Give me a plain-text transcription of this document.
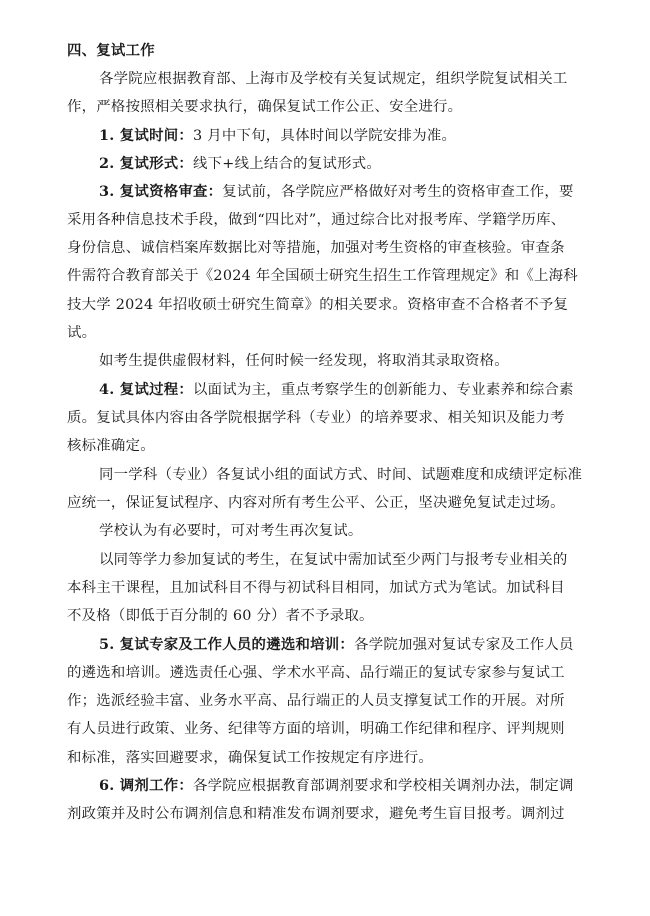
四、复试工作
各学院应根据教育部、上海市及学校有关复试规定，组织学院复试相关工
作，严格按照相关要求执行，确保复试工作公正、安全进行。
1. 复试时间：3 月中下旬，具体时间以学院安排为准。
2. 复试形式：线下+线上结合的复试形式。
3. 复试资格审查：复试前，各学院应严格做好对考生的资格审查工作，要
采用各种信息技术手段，做到“四比对”，通过综合比对报考库、学籍学历库、
身份信息、诚信档案库数据比对等措施，加强对考生资格的审查核验。审查条
件需符合教育部关于《2024 年全国硕士研究生招生工作管理规定》和《上海科
技大学 2024 年招收硕士研究生简章》的相关要求。资格审查不合格者不予复
试。
如考生提供虚假材料，任何时候一经发现，将取消其录取资格。
4. 复试过程：以面试为主，重点考察学生的创新能力、专业素养和综合素
质。复试具体内容由各学院根据学科（专业）的培养要求、相关知识及能力考
核标准确定。
同一学科（专业）各复试小组的面试方式、时间、试题难度和成绩评定标准
应统一，保证复试程序、内容对所有考生公平、公正，坚决避免复试走过场。
学校认为有必要时，可对考生再次复试。
以同等学力参加复试的考生，在复试中需加试至少两门与报考专业相关的
本科主干课程，且加试科目不得与初试科目相同，加试方式为笔试。加试科目
不及格（即低于百分制的 60 分）者不予录取。
5. 复试专家及工作人员的遴选和培训：各学院加强对复试专家及工作人员
的遴选和培训。遴选责任心强、学术水平高、品行端正的复试专家参与复试工
作；选派经验丰富、业务水平高、品行端正的人员支撑复试工作的开展。对所
有人员进行政策、业务、纪律等方面的培训，明确工作纪律和程序、评判规则
和标准，落实回避要求，确保复试工作按规定有序进行。
6. 调剂工作：各学院应根据教育部调剂要求和学校相关调剂办法，制定调
剂政策并及时公布调剂信息和精准发布调剂要求，避免考生盲目报考。调剂过
